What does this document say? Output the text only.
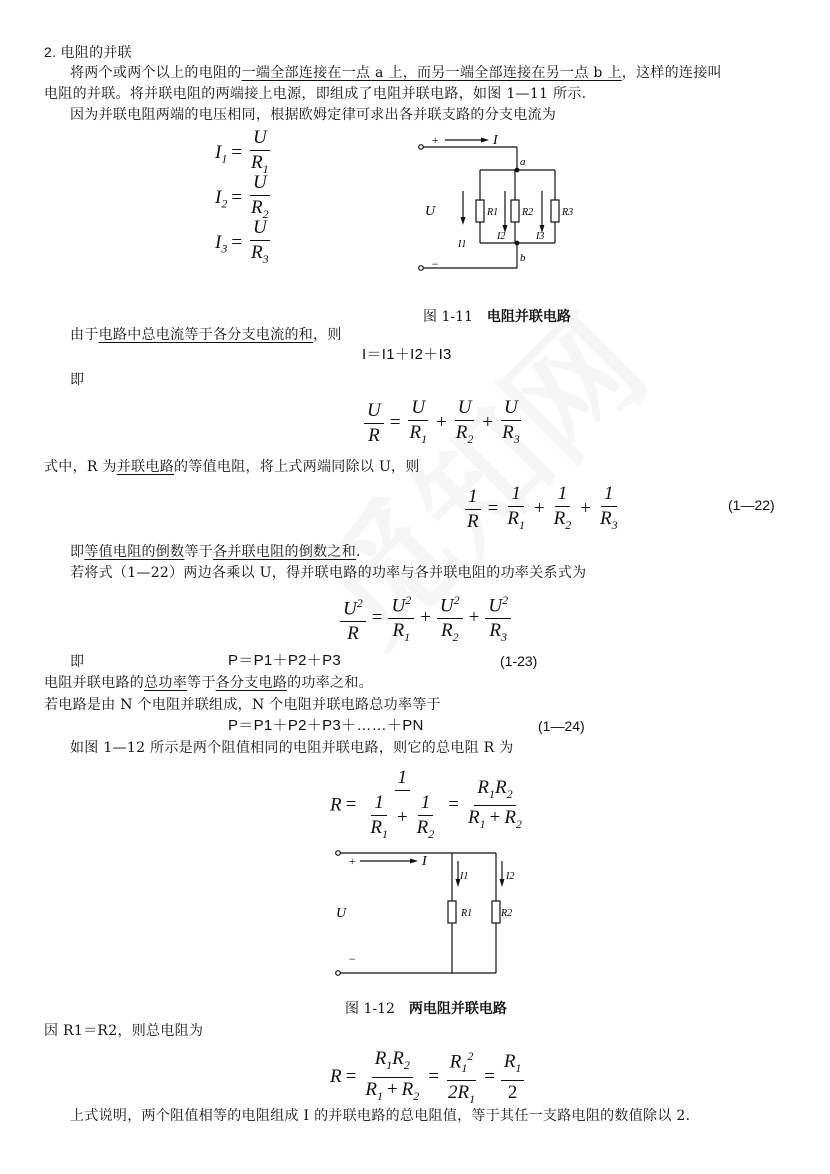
2. 电阻的并联
将两个或两个以上的电阻的一端全部连接在一点 a 上，而另一端全部连接在另一点 b 上，这样的连接叫
电阻的并联。将并联电阻的两端接上电源，即组成了电阻并联电路，如图 1—11 所示.
因为并联电阻两端的电压相同，根据欧姆定律可求出各并联支路的分支电流为
$I_1 = \frac{U}{R_1}$
$I_2 = \frac{U}{R_2}$
$I_3 = \frac{U}{R_3}$
+	I
a
b
U
−
R1 R2	R3
I1
I2	I3
图 1-11 电阻并联电路
由于电路中总电流等于各分支电流的和，则
I＝I1＋I2＋I3
即
$\frac{U}{R} = \frac{U}{R_1} + \frac{U}{R_2} + \frac{U}{R_3}$
式中，R 为并联电路的等值电阻，将上式两端同除以 U，则
$\frac{1}{R} = \frac{1}{R_1} + \frac{1}{R_2} + \frac{1}{R_3}$	(1—22)
即等值电阻的倒数等于各并联电阻的倒数之和.
若将式（1—22）两边各乘以 U，得并联电路的功率与各并联电阻的功率关系式为
$\frac{U^2}{R} = \frac{U^2}{R_1} + \frac{U^2}{R_2} + \frac{U^2}{R_3}$
即	P＝P1＋P2＋P3	(1-23)
电阻并联电路的总功率等于各分支电路的功率之和。
若电路是由 N 个电阻并联组成，N 个电阻并联电路总功率等于
P＝P1＋P2＋P3＋……＋PN	(1—24)
如图 1—12 所示是两个阻值相同的电阻并联电路，则它的总电阻 R 为
$R = \frac{1}{\frac{1}{R_1} + \frac{1}{R_2}} = \frac{R_1R_2}{R_1 + R_2}$
+	I
U
−
I1	I2
R1	R2
图 1-12 两电阻并联电路
因 R1＝R2，则总电阻为
$R = \frac{R_1R_2}{R_1 + R_2} = \frac{R_1^2}{2R_1} = \frac{R_1}{2}$
上式说明，两个阻值相等的电阻组成 I 的并联电路的总电阻值，等于其任一支路电阻的数值除以 2.
